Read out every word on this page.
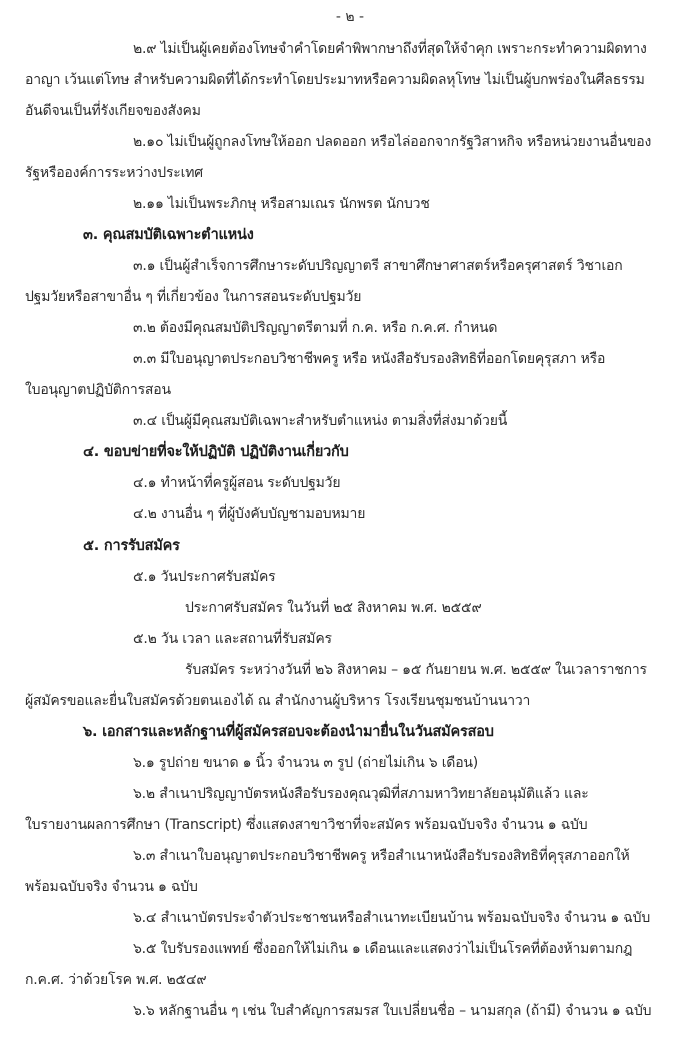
- ๒ -
๒.๙ ไม่เป็นผู้เคยต้องโทษจำคำโดยคำพิพากษาถึงที่สุดให้จำคุก เพราะกระทำความผิดทาง
อาญา เว้นแต่โทษ สำหรับความผิดที่ได้กระทำโดยประมาทหรือความผิดลหุโทษ ไม่เป็นผู้บกพร่องในศีลธรรม
อันดีจนเป็นที่รังเกียจของสังคม
๒.๑๐ ไม่เป็นผู้ถูกลงโทษให้ออก ปลดออก หรือไล่ออกจากรัฐวิสาหกิจ หรือหน่วยงานอื่นของ
รัฐหรือองค์การระหว่างประเทศ
๒.๑๑ ไม่เป็นพระภิกษุ หรือสามเณร นักพรต นักบวช
๓. คุณสมบัติเฉพาะตำแหน่ง
๓.๑ เป็นผู้สำเร็จการศึกษาระดับปริญญาตรี สาขาศึกษาศาสตร์หรือครุศาสตร์ วิชาเอก
ปฐมวัยหรือสาขาอื่น ๆ ที่เกี่ยวข้อง ในการสอนระดับปฐมวัย
๓.๒ ต้องมีคุณสมบัติปริญญาตรีตามที่ ก.ค. หรือ ก.ค.ศ. กำหนด
๓.๓ มีใบอนุญาตประกอบวิชาชีพครู หรือ หนังสือรับรองสิทธิที่ออกโดยคุรุสภา หรือ
ใบอนุญาตปฏิบัติการสอน
๓.๔ เป็นผู้มีคุณสมบัติเฉพาะสำหรับตำแหน่ง ตามสิ่งที่ส่งมาด้วยนี้
๔. ขอบข่ายที่จะให้ปฏิบัติ ปฏิบัติงานเกี่ยวกับ
๔.๑ ทำหน้าที่ครูผู้สอน ระดับปฐมวัย
๔.๒ งานอื่น ๆ ที่ผู้บังคับบัญชามอบหมาย
๕. การรับสมัคร
๕.๑ วันประกาศรับสมัคร
ประกาศรับสมัคร ในวันที่ ๒๕ สิงหาคม พ.ศ. ๒๕๕๙
๕.๒ วัน เวลา และสถานที่รับสมัคร
รับสมัคร ระหว่างวันที่ ๒๖ สิงหาคม – ๑๕ กันยายน พ.ศ. ๒๕๕๙ ในเวลาราชการ
ผู้สมัครขอและยื่นใบสมัครด้วยตนเองได้ ณ สำนักงานผู้บริหาร โรงเรียนชุมชนบ้านนาวา
๖. เอกสารและหลักฐานที่ผู้สมัครสอบจะต้องนำมายื่นในวันสมัครสอบ
๖.๑ รูปถ่าย ขนาด ๑ นิ้ว จำนวน ๓ รูป (ถ่ายไม่เกิน ๖ เดือน)
๖.๒ สำเนาปริญญาบัตรหนังสือรับรองคุณวุฒิที่สภามหาวิทยาลัยอนุมัติแล้ว และ
ใบรายงานผลการศึกษา (Transcript) ซึ่งแสดงสาขาวิชาที่จะสมัคร พร้อมฉบับจริง จำนวน ๑ ฉบับ
๖.๓ สำเนาใบอนุญาตประกอบวิชาชีพครู หรือสำเนาหนังสือรับรองสิทธิที่คุรุสภาออกให้
พร้อมฉบับจริง จำนวน ๑ ฉบับ
๖.๔ สำเนาบัตรประจำตัวประชาชนหรือสำเนาทะเบียนบ้าน พร้อมฉบับจริง จำนวน ๑ ฉบับ
๖.๕ ใบรับรองแพทย์ ซึ่งออกให้ไม่เกิน ๑ เดือนและแสดงว่าไม่เป็นโรคที่ต้องห้ามตามกฎ
ก.ค.ศ. ว่าด้วยโรค พ.ศ. ๒๕๔๙
๖.๖ หลักฐานอื่น ๆ เช่น ใบสำคัญการสมรส ใบเปลี่ยนชื่อ – นามสกุล (ถ้ามี) จำนวน ๑ ฉบับ
